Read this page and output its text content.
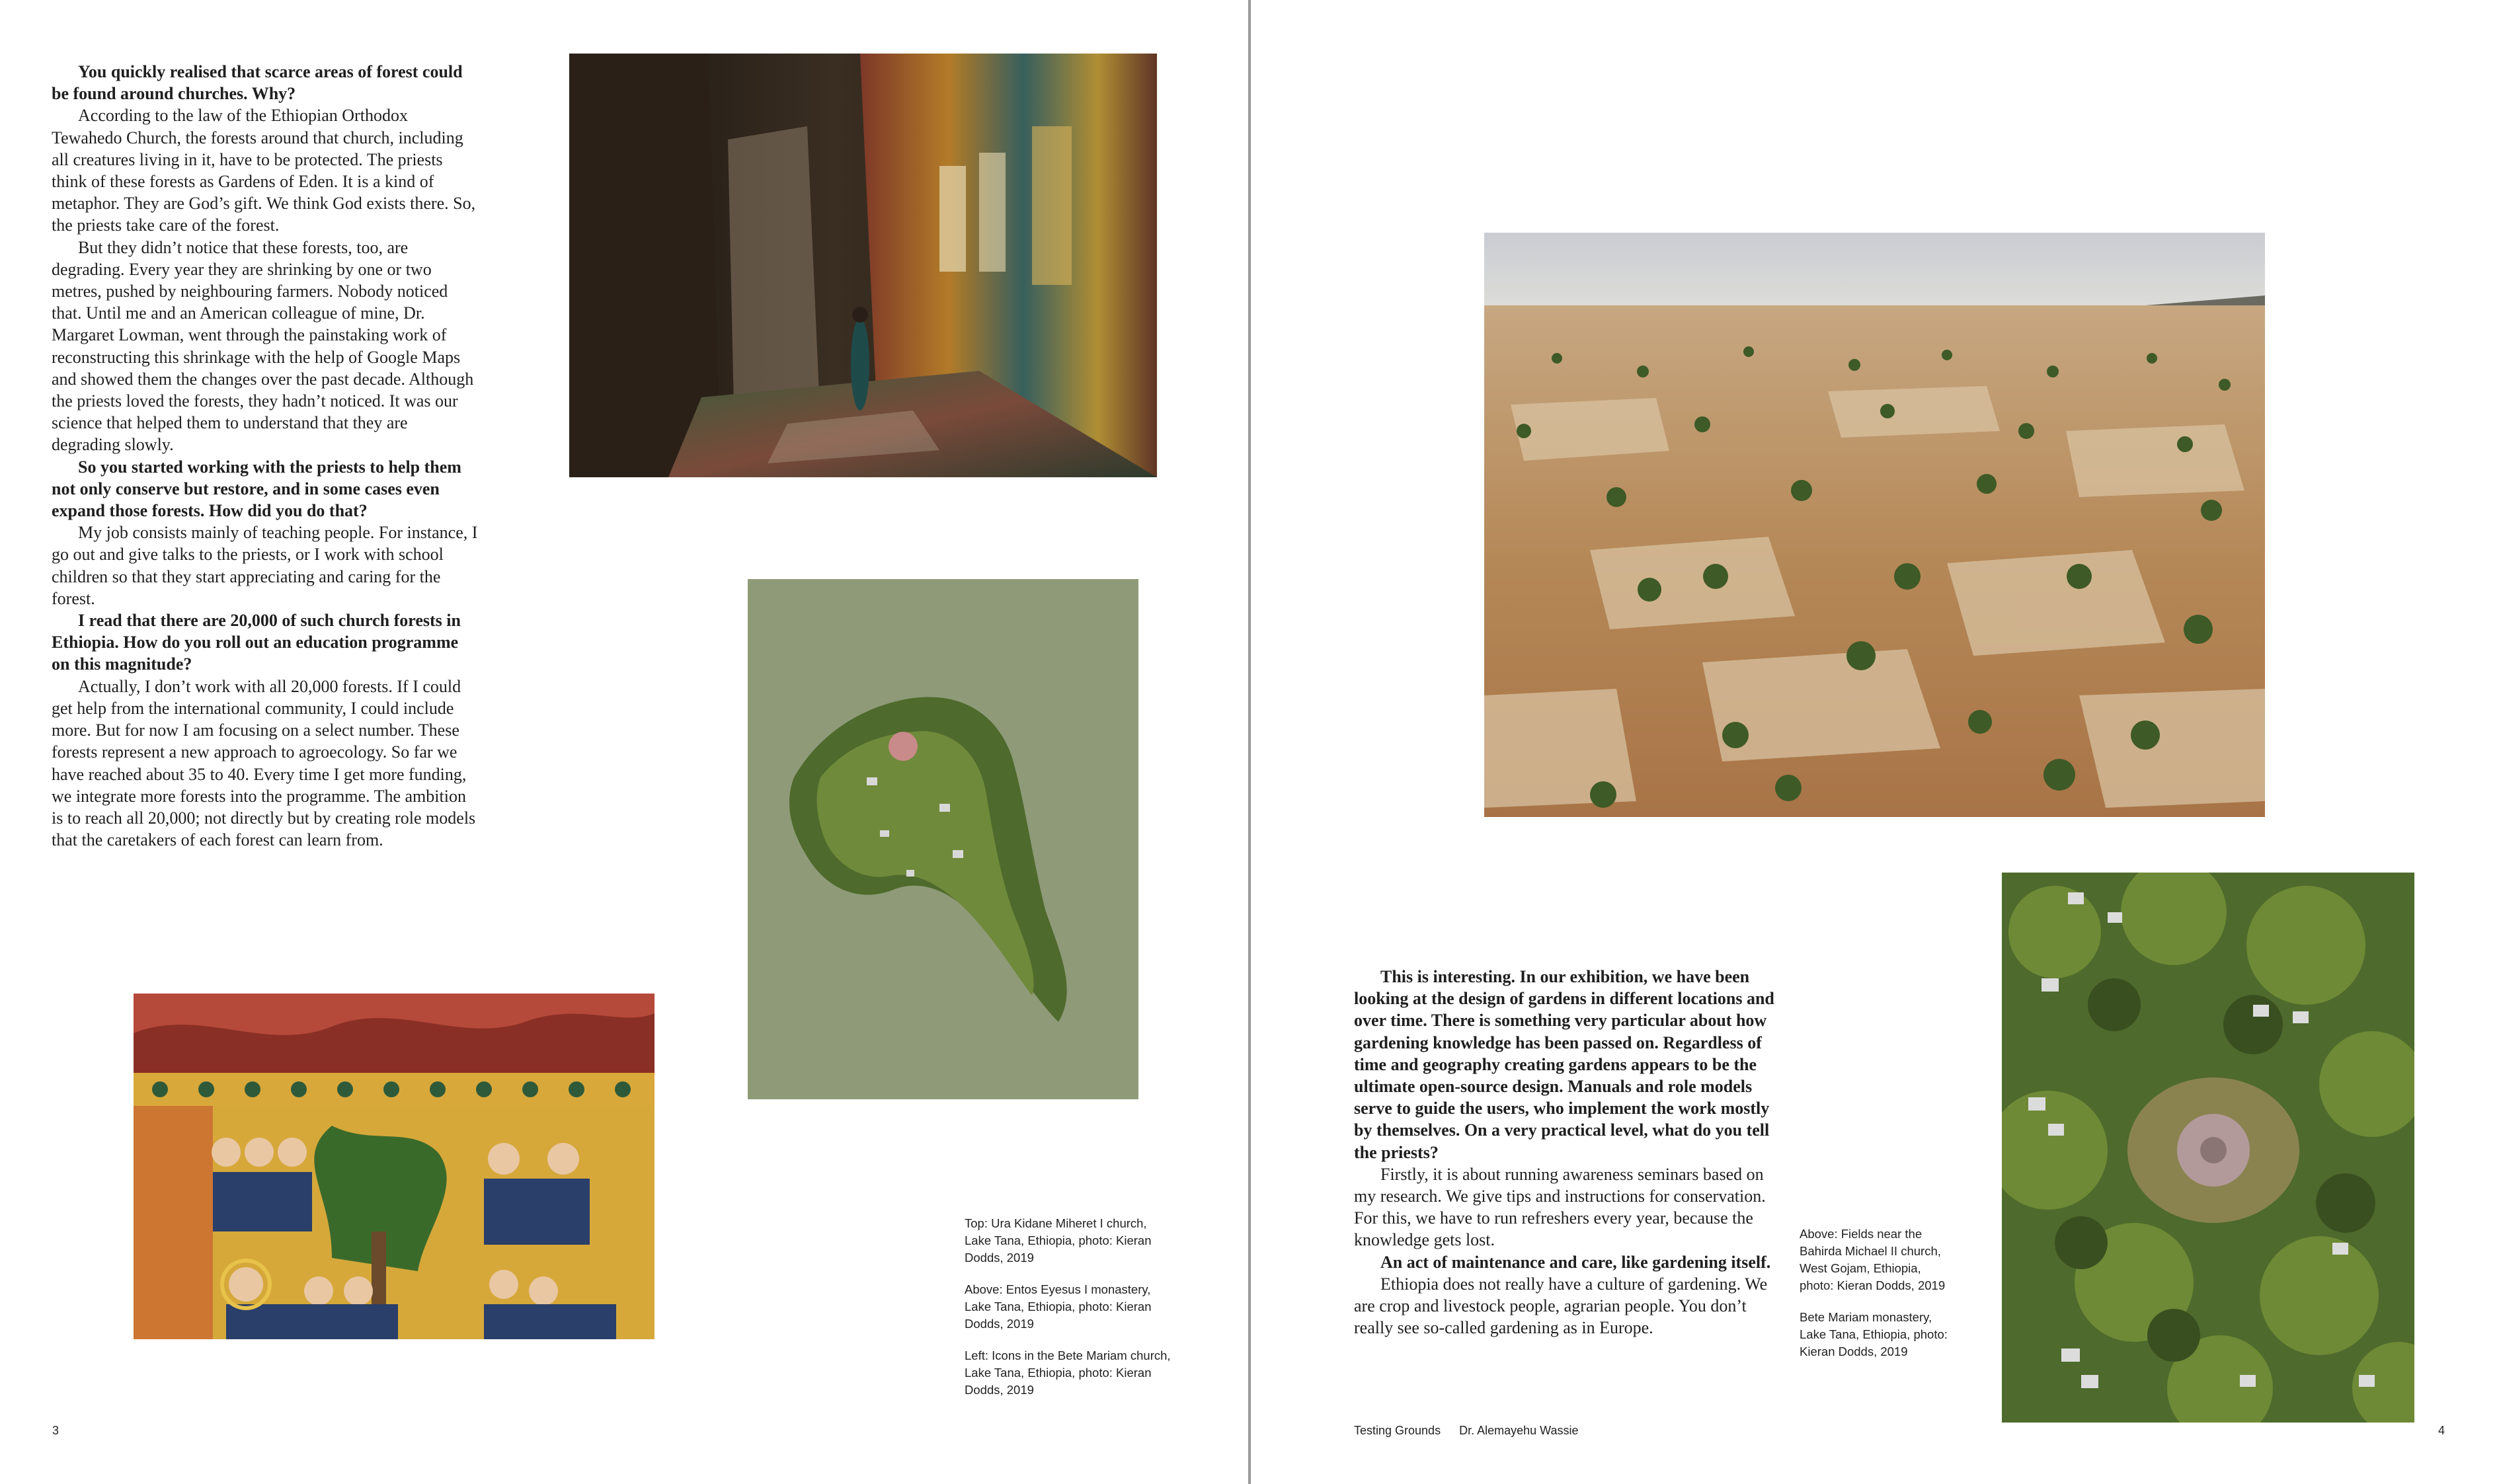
You quickly realised that scarce areas of forest could be found around churches. Why?

According to the law of the Ethiopian Orthodox Tewahedo Church, the forests around that church, including all creatures living in it, have to be protected. The priests think of these forests as Gardens of Eden. It is a kind of metaphor. They are God’s gift. We think God exists there. So, the priests take care of the forest.

But they didn’t notice that these forests, too, are degrading. Every year they are shrinking by one or two metres, pushed by neighbouring farmers. Nobody noticed that. Until me and an American colleague of mine, Dr. Margaret Lowman, went through the painstaking work of reconstructing this shrinkage with the help of Google Maps and showed them the changes over the past decade. Although the priests loved the forests, they hadn’t noticed. It was our science that helped them to understand that they are degrading slowly.

So you started working with the priests to help them not only conserve but restore, and in some cases even expand those forests. How did you do that?

My job consists mainly of teaching people. For instance, I go out and give talks to the priests, or I work with school children so that they start appreciating and caring for the forest.

I read that there are 20,000 of such church forests in Ethiopia. How do you roll out an education programme on this magnitude?

Actually, I don’t work with all 20,000 forests. If I could get help from the international community, I could include more. But for now I am focusing on a select number. These forests represent a new approach to agroecology. So far we have reached about 35 to 40. Every time I get more funding, we integrate more forests into the programme. The ambition is to reach all 20,000; not directly but by creating role models that the caretakers of each forest can learn from.

Top: Ura Kidane Miheret I church, Lake Tana, Ethiopia, photo: Kieran Dodds, 2019

Above: Entos Eyesus I monastery, Lake Tana, Ethiopia, photo: Kieran Dodds, 2019

Left: Icons in the Bete Mariam church, Lake Tana, Ethiopia, photo: Kieran Dodds, 2019

3

This is interesting. In our exhibition, we have been looking at the design of gardens in different locations and over time. There is something very particular about how gardening knowledge has been passed on. Regardless of time and geography creating gardens appears to be the ultimate open-source design. Manuals and role models serve to guide the users, who implement the work mostly by themselves. On a very practical level, what do you tell the priests?

Firstly, it is about running awareness seminars based on my research. We give tips and instructions for conservation. For this, we have to run refreshers every year, because the knowledge gets lost.

An act of maintenance and care, like gardening itself.

Ethiopia does not really have a culture of gardening. We are crop and livestock people, agrarian people. You don’t really see so-called gardening as in Europe.

Above: Fields near the Bahirda Michael II church, West Gojam, Ethiopia, photo: Kieran Dodds, 2019

Bete Mariam monastery, Lake Tana, Ethiopia, photo: Kieran Dodds, 2019

Testing Grounds Dr. Alemayehu Wassie	4
